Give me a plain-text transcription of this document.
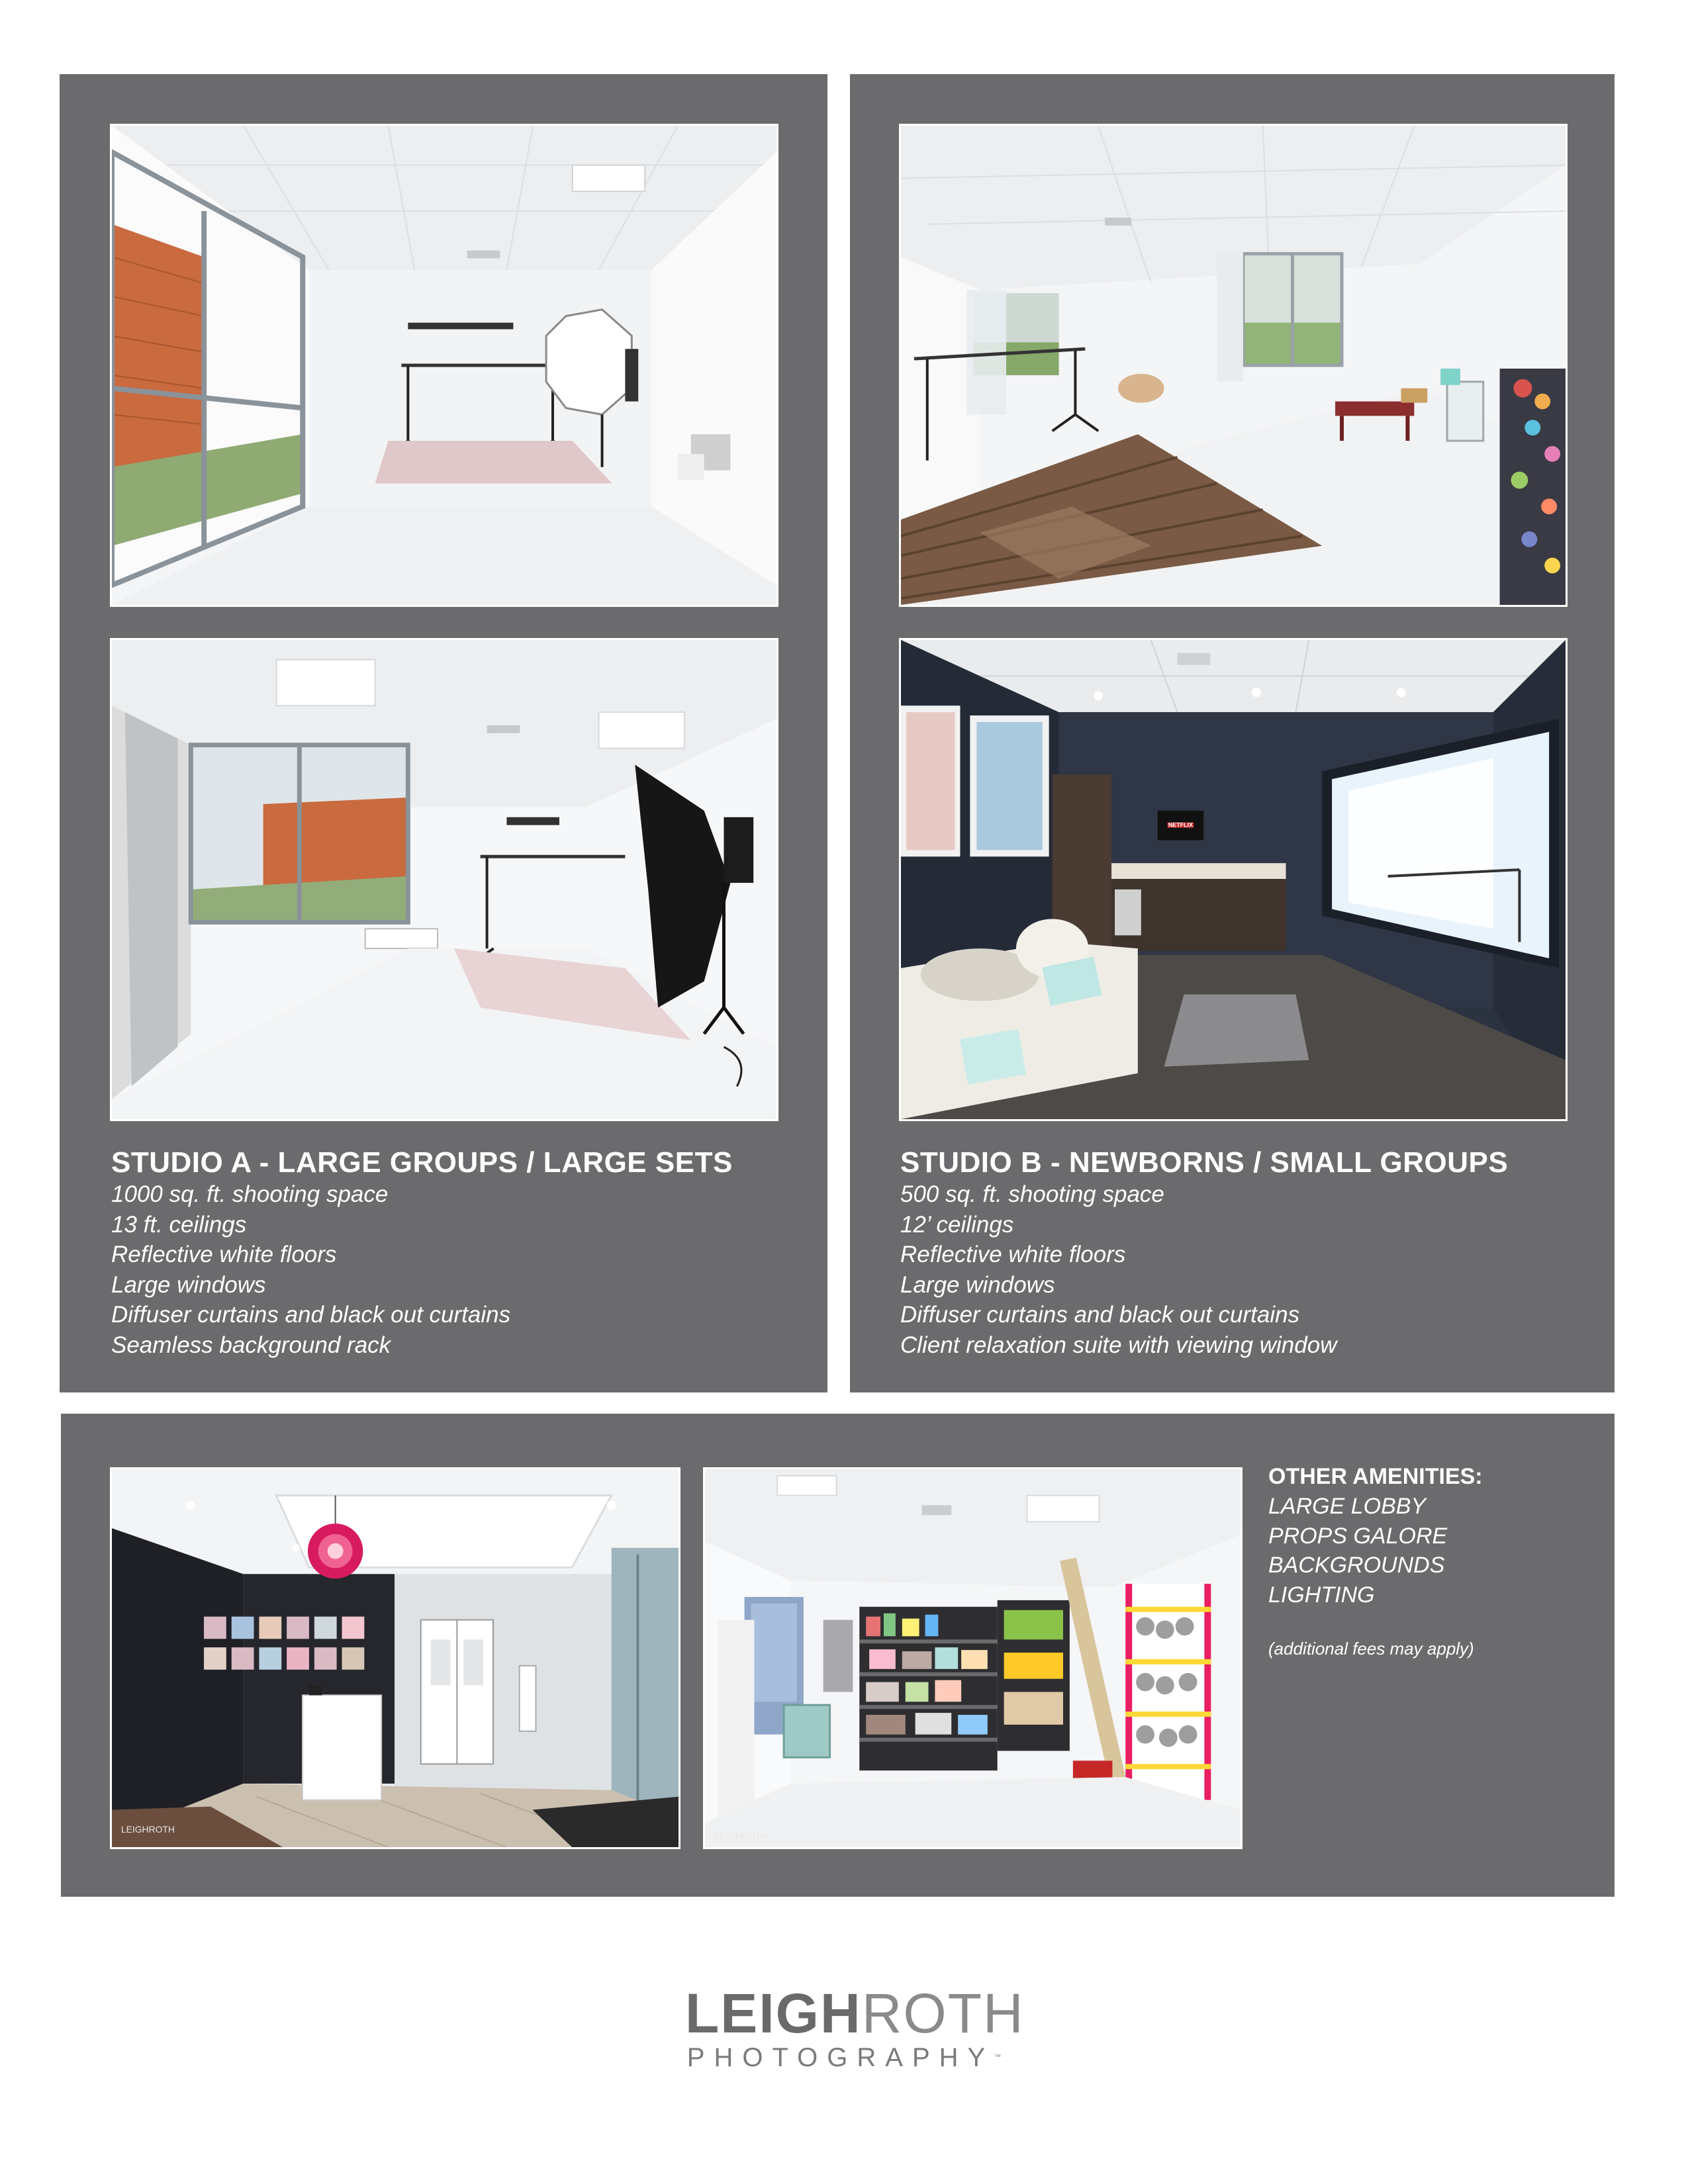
STUDIO A - LARGE GROUPS / LARGE SETS
1000 sq. ft. shooting space
13 ft. ceilings
Reflective white floors
Large windows
Diffuser curtains and black out curtains
Seamless background rack
NETFLIX
STUDIO B - NEWBORNS / SMALL GROUPS
500 sq. ft. shooting space
12’ ceilings
Reflective white floors
Large windows
Diffuser curtains and black out curtains
Client relaxation suite with viewing window
LEIGHROTH
LEIGHROTH
OTHER AMENITIES:
LARGE LOBBY
PROPS GALORE
BACKGROUNDS
LIGHTING

(additional fees may apply)

LEIGHROTH
PHOTOGRAPHY™
